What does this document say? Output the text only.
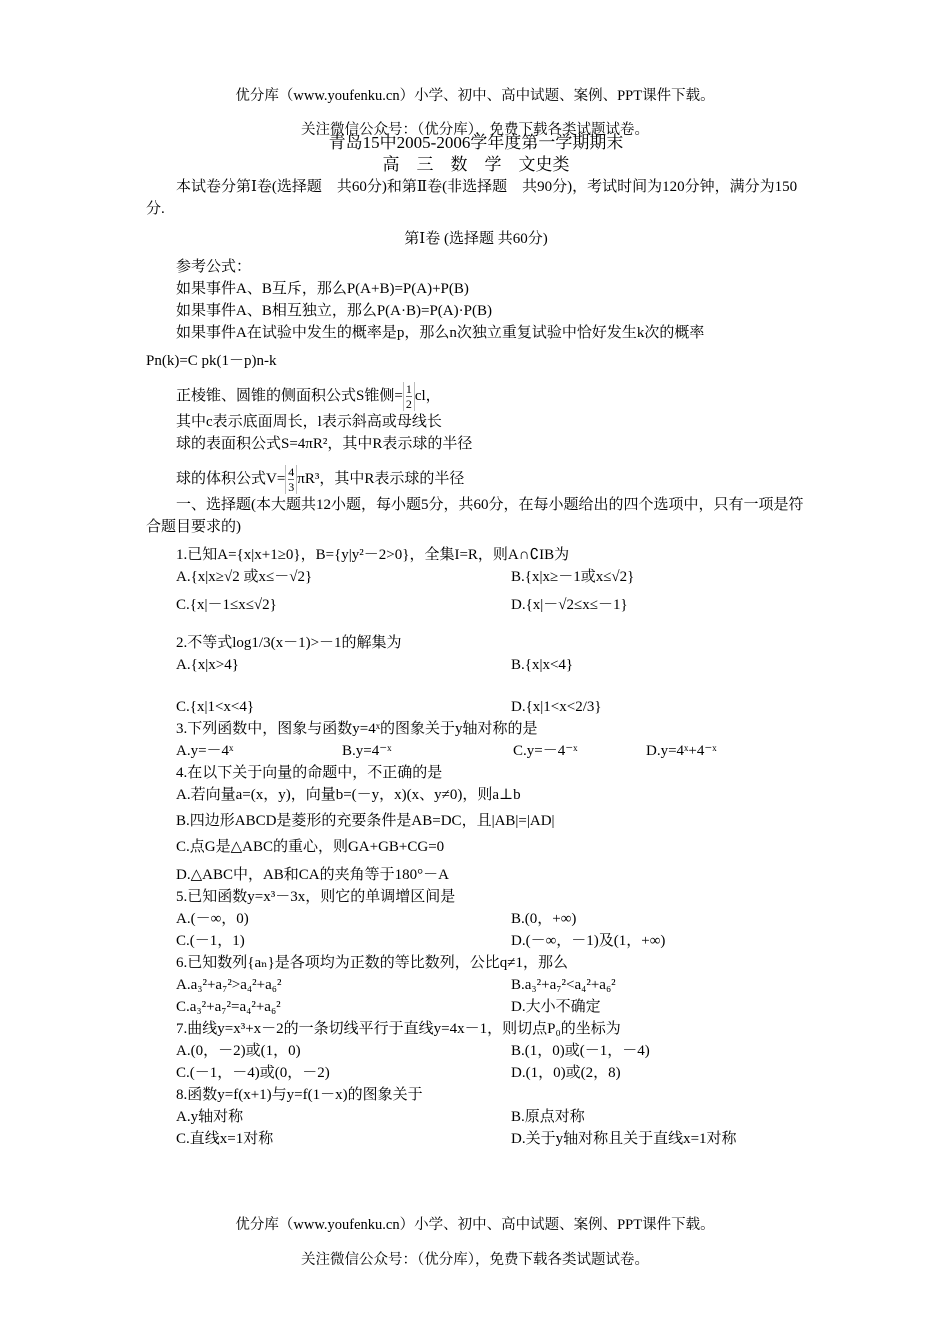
优分库（www.youfenku.cn）小学、初中、高中试题、案例、PPT课件下载。
关注微信公众号：（优分库），免费下载各类试题试卷。
青岛15中2005-2006学年度第一学期期末
高　三　数　学　文史类
本试卷分第Ⅰ卷(选择题　共60分)和第Ⅱ卷(非选择题　共90分)，考试时间为120分钟，满分为150分.
第Ⅰ卷 (选择题 共60分)
参考公式：
如果事件A、B互斥，那么P(A+B)=P(A)+P(B)
如果事件A、B相互独立，那么P(A·B)=P(A)·P(B)
如果事件A在试验中发生的概率是p，那么n次独立重复试验中恰好发生k次的概率
Pn(k)=C pk(1－p)n-k
正棱锥、圆锥的侧面积公式S锥侧= $\frac{1}{2}$ cl，
其中c表示底面周长，l表示斜高或母线长
球的表面积公式S=4πR²，其中R表示球的半径
球的体积公式$V= \frac{4}{3} \pi R^3$，其中R表示球的半径
一、选择题(本大题共12小题，每小题5分，共60分，在每小题给出的四个选项中，只有一项是符合题目要求的)
1.已知A={x|x+1≥0}，B={y|y²－2>0}，全集I=R，则A∩∁IB为
A.{x|x≥√2 或x≤－√2}	B.{x|x≥－1或x≤√2}
C.{x|－1≤x≤√2}	D.{x|－√2≤x≤－1}
2.不等式log1/3(x－1)>－1的解集为
A.{x|x>4}	B.{x|x<4}
C.{x|1<x<4}	D.{x|1<x<2/3}
3.下列函数中，图象与函数y=4ˣ的图象关于y轴对称的是
A.y=－4ˣ	B.y=4⁻ˣ	C.y=－4⁻ˣ	D.y=4ˣ+4⁻ˣ
4.在以下关于向量的命题中，不正确的是
A.若向量a=(x，y)，向量b=(－y，x)(x、y≠0)，则a⊥b
B.四边形ABCD是菱形的充要条件是AB=DC，且|AB|=|AD|
C.点G是△ABC的重心，则GA+GB+CG=0
D.△ABC中，AB和CA的夹角等于180°－A
5.已知函数y=x³－3x，则它的单调增区间是
A.(－∞，0)	B.(0，+∞)
C.(－1，1)	D.(－∞，－1)及(1，+∞)
6.已知数列{aₙ}是各项均为正数的等比数列，公比q≠1，那么
A.a₃²+a₇²>a₄²+a₆²	B.a₃²+a₇²<a₄²+a₆²
C.a₃²+a₇²=a₄²+a₆²	D.大小不确定
7.曲线y=x³+x－2的一条切线平行于直线y=4x－1，则切点P₀的坐标为
A.(0，－2)或(1，0)	B.(1，0)或(－1，－4)
C.(－1，－4)或(0，－2)	D.(1，0)或(2，8)
8.函数y=f(x+1)与y=f(1－x)的图象关于
A.y轴对称	B.原点对称
C.直线x=1对称	D.关于y轴对称且关于直线x=1对称
优分库（www.youfenku.cn）小学、初中、高中试题、案例、PPT课件下载。
关注微信公众号：（优分库），免费下载各类试题试卷。
